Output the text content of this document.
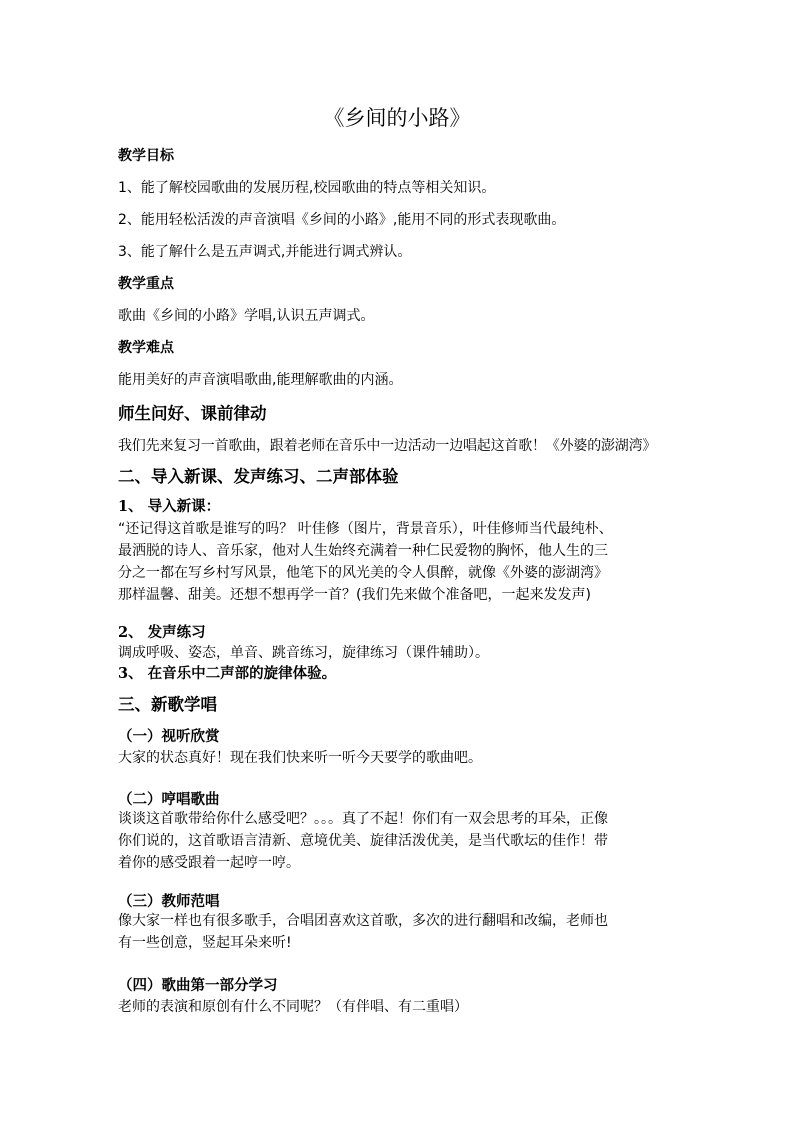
《乡间的小路》
教学目标
1、能了解校园歌曲的发展历程,校园歌曲的特点等相关知识。
2、能用轻松活泼的声音演唱《乡间的小路》,能用不同的形式表现歌曲。
3、能了解什么是五声调式,并能进行调式辨认。
教学重点
歌曲《乡间的小路》学唱,认识五声调式。
教学难点
能用美好的声音演唱歌曲,能理解歌曲的内涵。
师生问好、课前律动
我们先来复习一首歌曲，跟着老师在音乐中一边活动一边唱起这首歌！《外婆的澎湖湾》
二、导入新课、发声练习、二声部体验
1、 导入新课：
“还记得这首歌是谁写的吗？ 叶佳修（图片，背景音乐），叶佳修师当代最纯朴、
最洒脱的诗人、音乐家，他对人生始终充满着一种仁民爱物的胸怀，他人生的三
分之一都在写乡村写风景，他笔下的风光美的令人俱醉，就像《外婆的澎湖湾》
那样温馨、甜美。还想不想再学一首？(我们先来做个准备吧，一起来发发声)
2、 发声练习
调成呼吸、姿态，单音、跳音练习，旋律练习（课件辅助）。
3、 在音乐中二声部的旋律体验。
三、新歌学唱
（一）视听欣赏
大家的状态真好！现在我们快来听一听今天要学的歌曲吧。
（二）哼唱歌曲
谈谈这首歌带给你什么感受吧？。。。真了不起！你们有一双会思考的耳朵，正像
你们说的，这首歌语言清新、意境优美、旋律活泼优美，是当代歌坛的佳作！带
着你的感受跟着一起哼一哼。
（三）教师范唱
像大家一样也有很多歌手，合唱团喜欢这首歌，多次的进行翻唱和改编，老师也
有一些创意，竖起耳朵来听!
（四）歌曲第一部分学习
老师的表演和原创有什么不同呢？（有伴唱、有二重唱）
